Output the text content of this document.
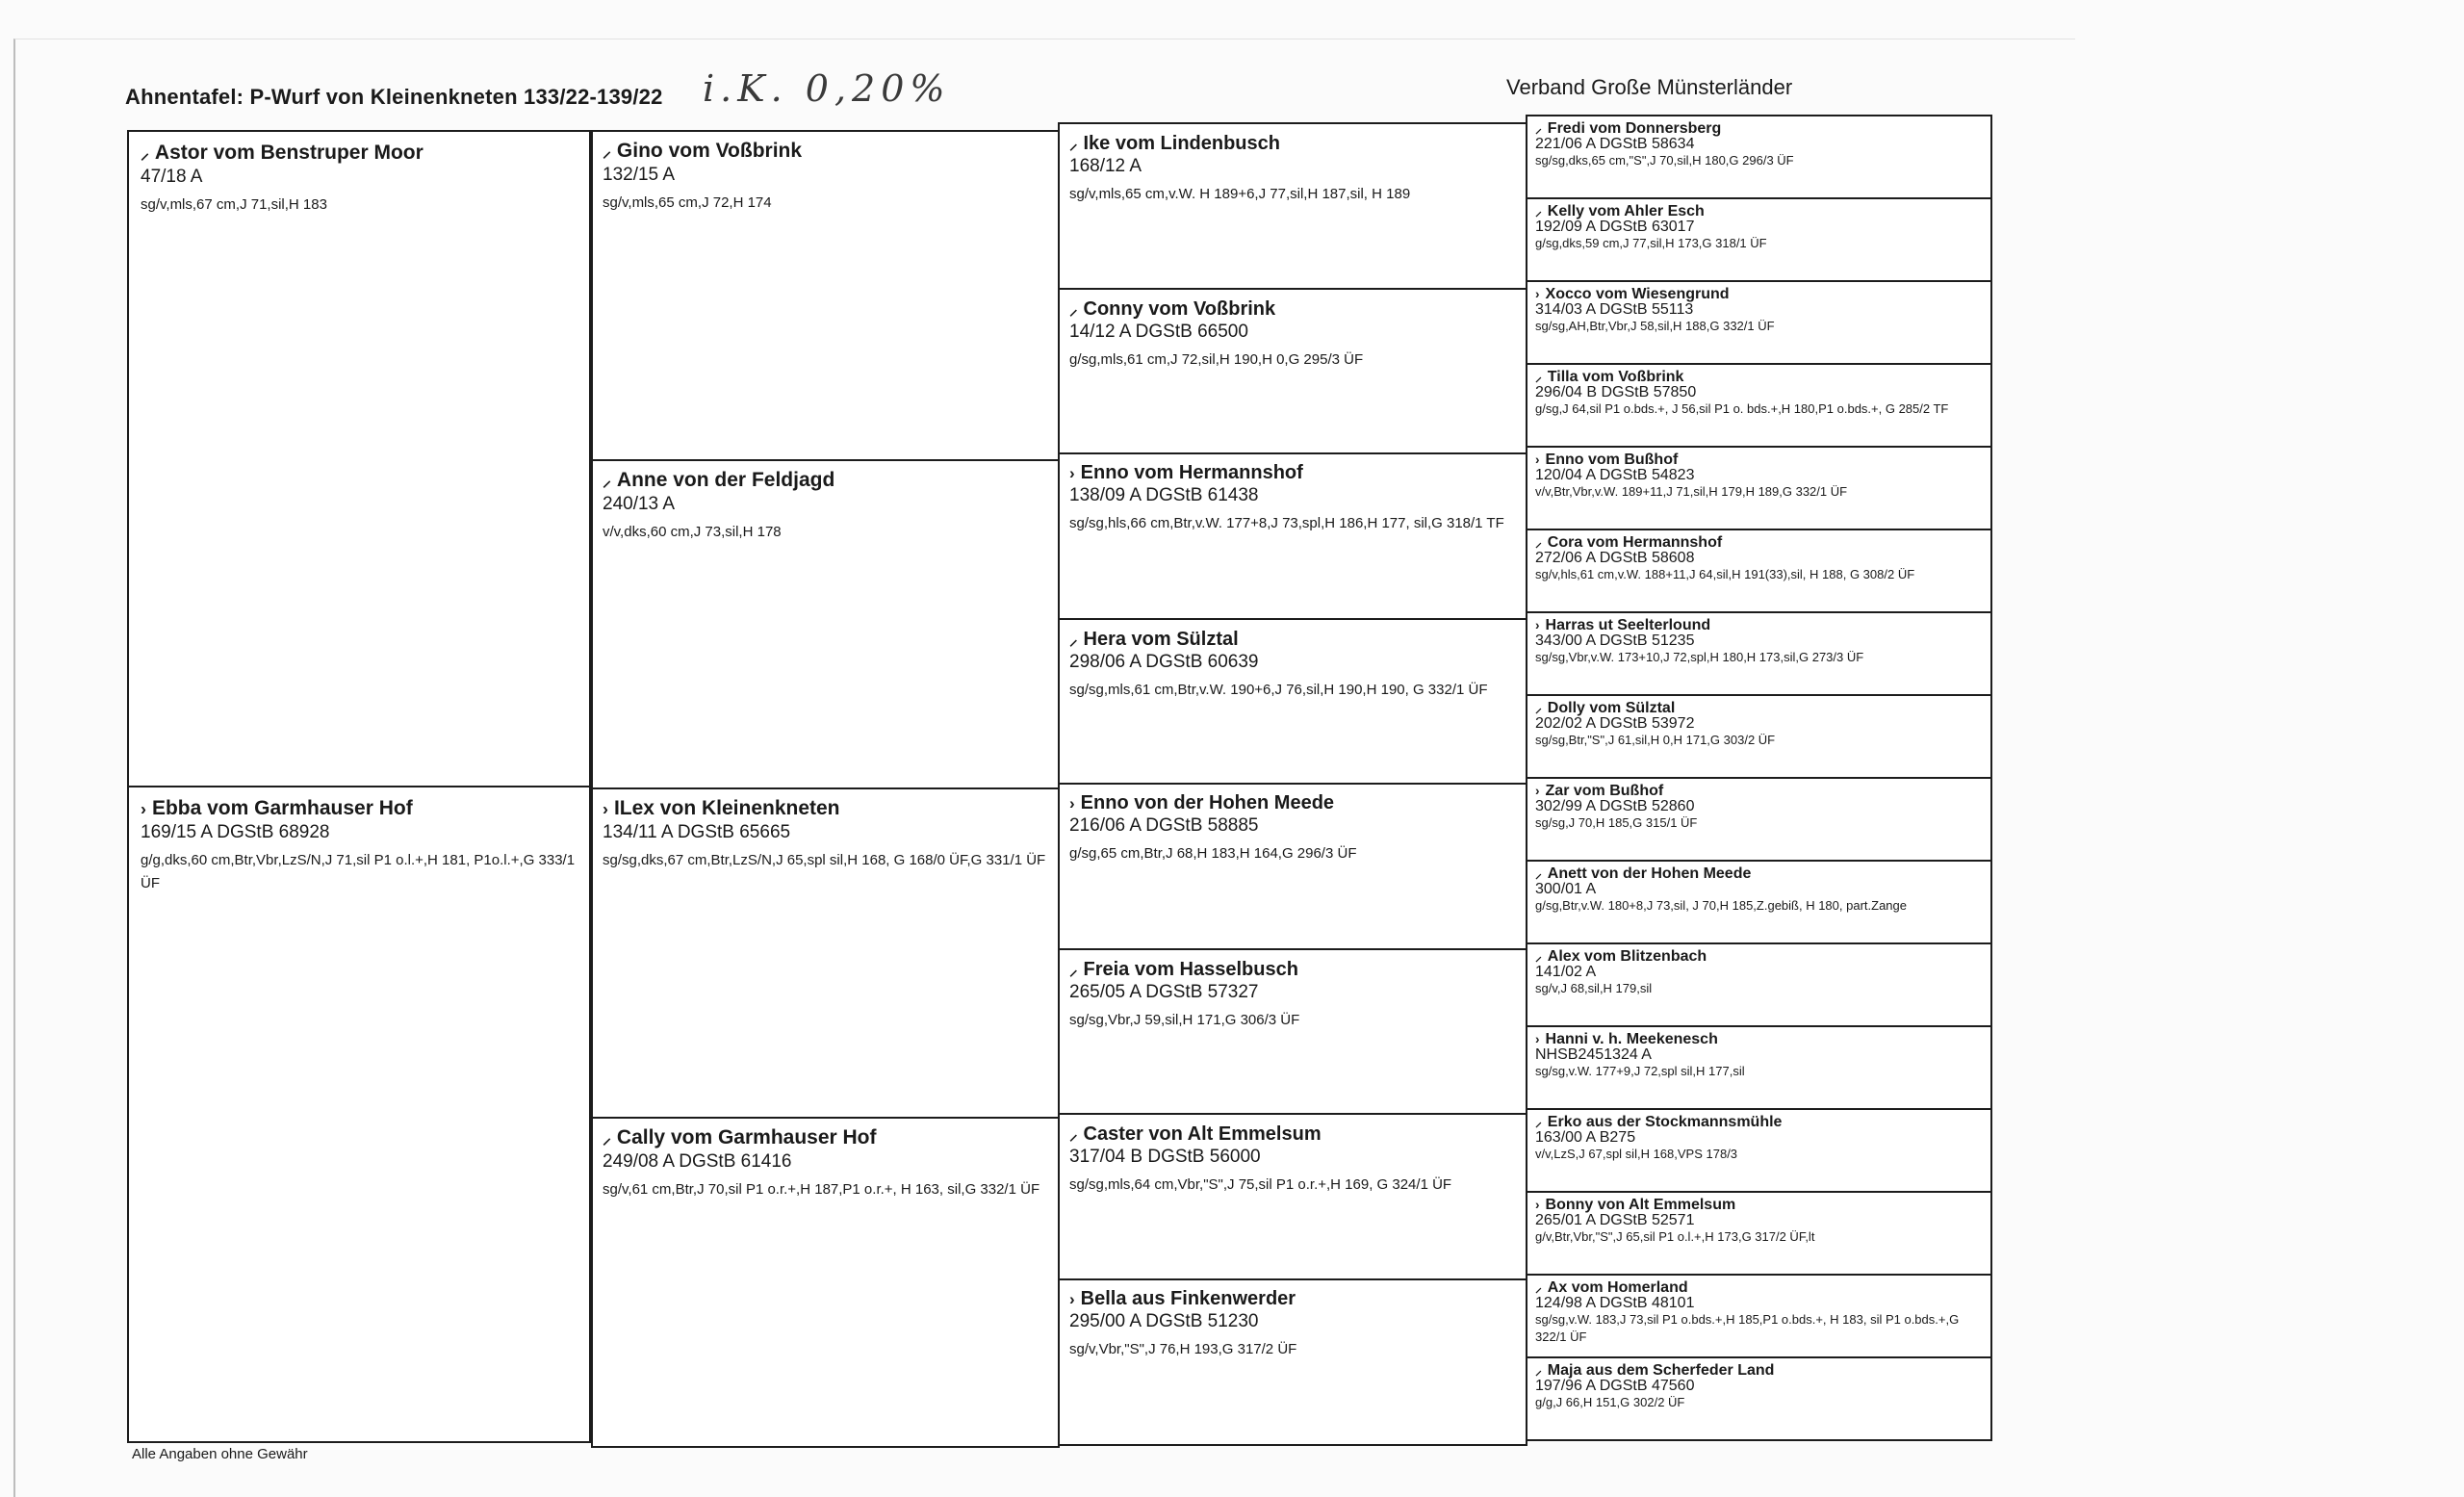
Ahnentafel: P-Wurf von Kleinenkneten 133/22-139/22 i.K. 0,20%	Verband Große Münsterländer
⸝ Astor vom Benstruper Moor
47/18 A
sg/v,mls,67 cm,J 71,sil,H 183
› Ebba vom Garmhauser Hof
169/15 A DGStB 68928
g/g,dks,60 cm,Btr,Vbr,LzS/N,J 71,sil P1 o.l.+,H 181, P1o.l.+,G 333/1 ÜF
⸝ Gino vom Voßbrink
132/15 A
sg/v,mls,65 cm,J 72,H 174
⸝ Anne von der Feldjagd
240/13 A
v/v,dks,60 cm,J 73,sil,H 178
› ILex von Kleinenkneten
134/11 A DGStB 65665
sg/sg,dks,67 cm,Btr,LzS/N,J 65,spl sil,H 168, G 168/0 ÜF,G 331/1 ÜF
⸝ Cally vom Garmhauser Hof
249/08 A DGStB 61416
sg/v,61 cm,Btr,J 70,sil P1 o.r.+,H 187,P1 o.r.+, H 163, sil,G 332/1 ÜF
⸝ Ike vom Lindenbusch
168/12 A
sg/v,mls,65 cm,v.W. H 189+6,J 77,sil,H 187,sil, H 189
⸝ Conny vom Voßbrink
14/12 A DGStB 66500
g/sg,mls,61 cm,J 72,sil,H 190,H 0,G 295/3 ÜF
› Enno vom Hermannshof
138/09 A DGStB 61438
sg/sg,hls,66 cm,Btr,v.W. 177+8,J 73,spl,H 186,H 177, sil,G 318/1 TF
⸝ Hera vom Sülztal
298/06 A DGStB 60639
sg/sg,mls,61 cm,Btr,v.W. 190+6,J 76,sil,H 190,H 190, G 332/1 ÜF
› Enno von der Hohen Meede
216/06 A DGStB 58885
g/sg,65 cm,Btr,J 68,H 183,H 164,G 296/3 ÜF
⸝ Freia vom Hasselbusch
265/05 A DGStB 57327
sg/sg,Vbr,J 59,sil,H 171,G 306/3 ÜF
⸝ Caster von Alt Emmelsum
317/04 B DGStB 56000
sg/sg,mls,64 cm,Vbr,"S",J 75,sil P1 o.r.+,H 169, G 324/1 ÜF
› Bella aus Finkenwerder
295/00 A DGStB 51230
sg/v,Vbr,"S",J 76,H 193,G 317/2 ÜF
⸝ Fredi vom Donnersberg
221/06 A DGStB 58634
sg/sg,dks,65 cm,"S",J 70,sil,H 180,G 296/3 ÜF
⸝ Kelly vom Ahler Esch
192/09 A DGStB 63017
g/sg,dks,59 cm,J 77,sil,H 173,G 318/1 ÜF
› Xocco vom Wiesengrund
314/03 A DGStB 55113
sg/sg,AH,Btr,Vbr,J 58,sil,H 188,G 332/1 ÜF
⸝ Tilla vom Voßbrink
296/04 B DGStB 57850
g/sg,J 64,sil P1 o.bds.+, J 56,sil P1 o. bds.+,H 180,P1 o.bds.+, G 285/2 TF
› Enno vom Bußhof
120/04 A DGStB 54823
v/v,Btr,Vbr,v.W. 189+11,J 71,sil,H 179,H 189,G 332/1 ÜF
⸝ Cora vom Hermannshof
272/06 A DGStB 58608
sg/v,hls,61 cm,v.W. 188+11,J 64,sil,H 191(33),sil, H 188, G 308/2 ÜF
› Harras ut Seelterlound
343/00 A DGStB 51235
sg/sg,Vbr,v.W. 173+10,J 72,spl,H 180,H 173,sil,G 273/3 ÜF
⸝ Dolly vom Sülztal
202/02 A DGStB 53972
sg/sg,Btr,"S",J 61,sil,H 0,H 171,G 303/2 ÜF
› Zar vom Bußhof
302/99 A DGStB 52860
sg/sg,J 70,H 185,G 315/1 ÜF
⸝ Anett von der Hohen Meede
300/01 A
g/sg,Btr,v.W. 180+8,J 73,sil, J 70,H 185,Z.gebiß, H 180, part.Zange
⸝ Alex vom Blitzenbach
141/02 A
sg/v,J 68,sil,H 179,sil
› Hanni v. h. Meekenesch
NHSB2451324 A
sg/sg,v.W. 177+9,J 72,spl sil,H 177,sil
⸝ Erko aus der Stockmannsmühle
163/00 A B275
v/v,LzS,J 67,spl sil,H 168,VPS 178/3
› Bonny von Alt Emmelsum
265/01 A DGStB 52571
g/v,Btr,Vbr,"S",J 65,sil P1 o.l.+,H 173,G 317/2 ÜF,lt
⸝ Ax vom Homerland
124/98 A DGStB 48101
sg/sg,v.W. 183,J 73,sil P1 o.bds.+,H 185,P1 o.bds.+, H 183, sil P1 o.bds.+,G 322/1 ÜF
⸝ Maja aus dem Scherfeder Land
197/96 A DGStB 47560
g/g,J 66,H 151,G 302/2 ÜF
Alle Angaben ohne Gewähr
